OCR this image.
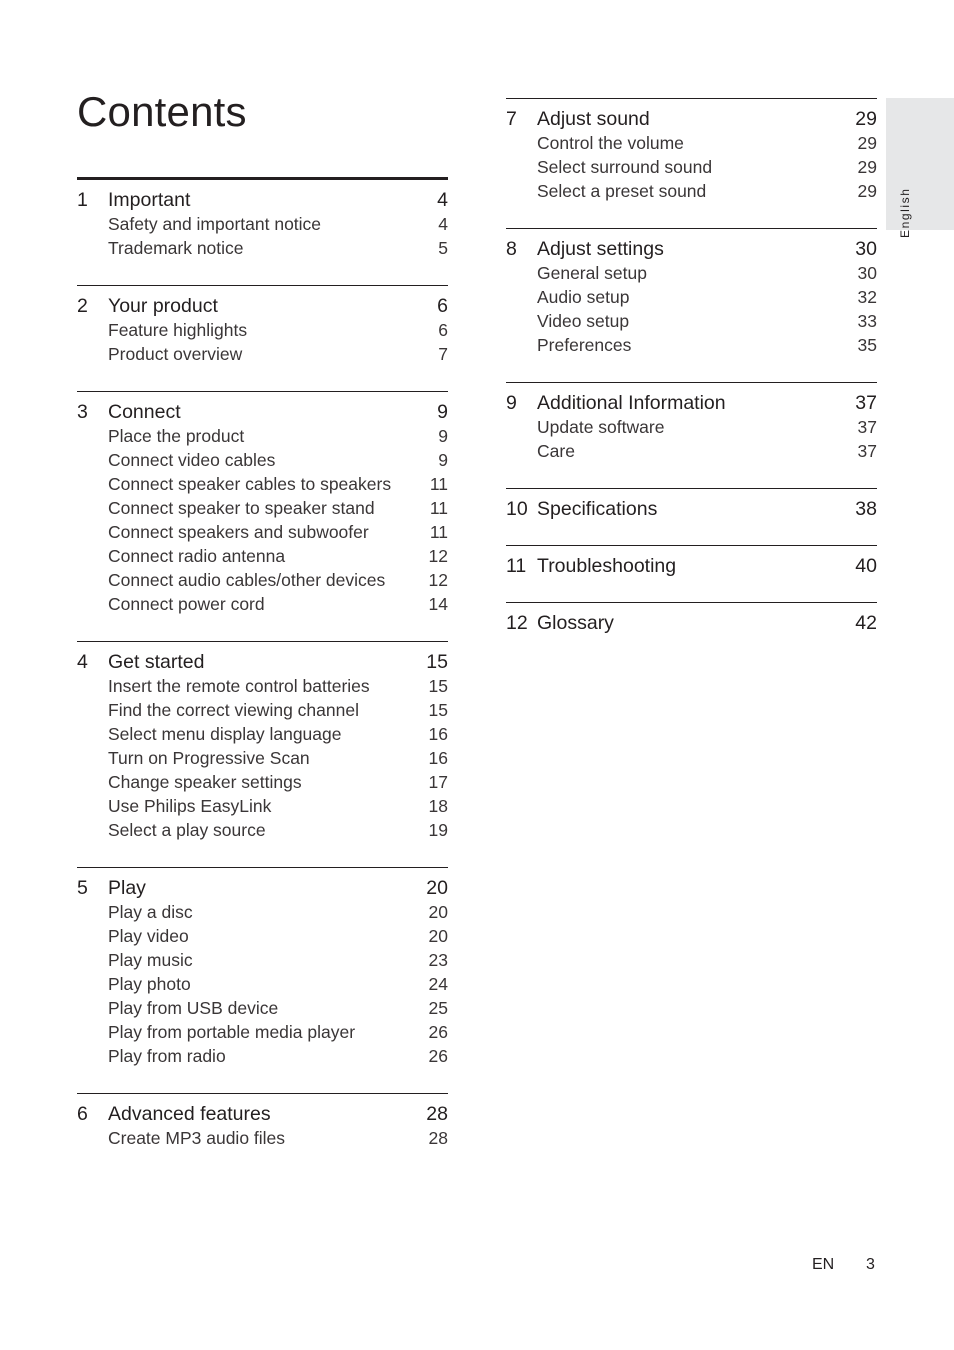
Contents
English
1	Important	4
Safety and important notice	4
Trademark notice	5
2	Your product	6
Feature highlights	6
Product overview	7
3	Connect	9
Place the product	9
Connect video cables	9
Connect speaker cables to speakers	11
Connect speaker to speaker stand	11
Connect speakers and subwoofer	11
Connect radio antenna	12
Connect audio cables/other devices	12
Connect power cord	14
4	Get started	15
Insert the remote control batteries	15
Find the correct viewing channel	15
Select menu display language	16
Turn on Progressive Scan	16
Change speaker settings	17
Use Philips EasyLink	18
Select a play source	19
5	Play	20
Play a disc	20
Play video	20
Play music	23
Play photo	24
Play from USB device	25
Play from portable media player	26
Play from radio	26
6	Advanced features	28
Create MP3 audio files	28
7	Adjust sound	29
Control the volume	29
Select surround sound	29
Select a preset sound	29
8	Adjust settings	30
General setup	30
Audio setup	32
Video setup	33
Preferences	35
9	Additional Information	37
Update software	37
Care	37
10 Specifications	38
11 Troubleshooting	40
12 Glossary	42
EN 3
